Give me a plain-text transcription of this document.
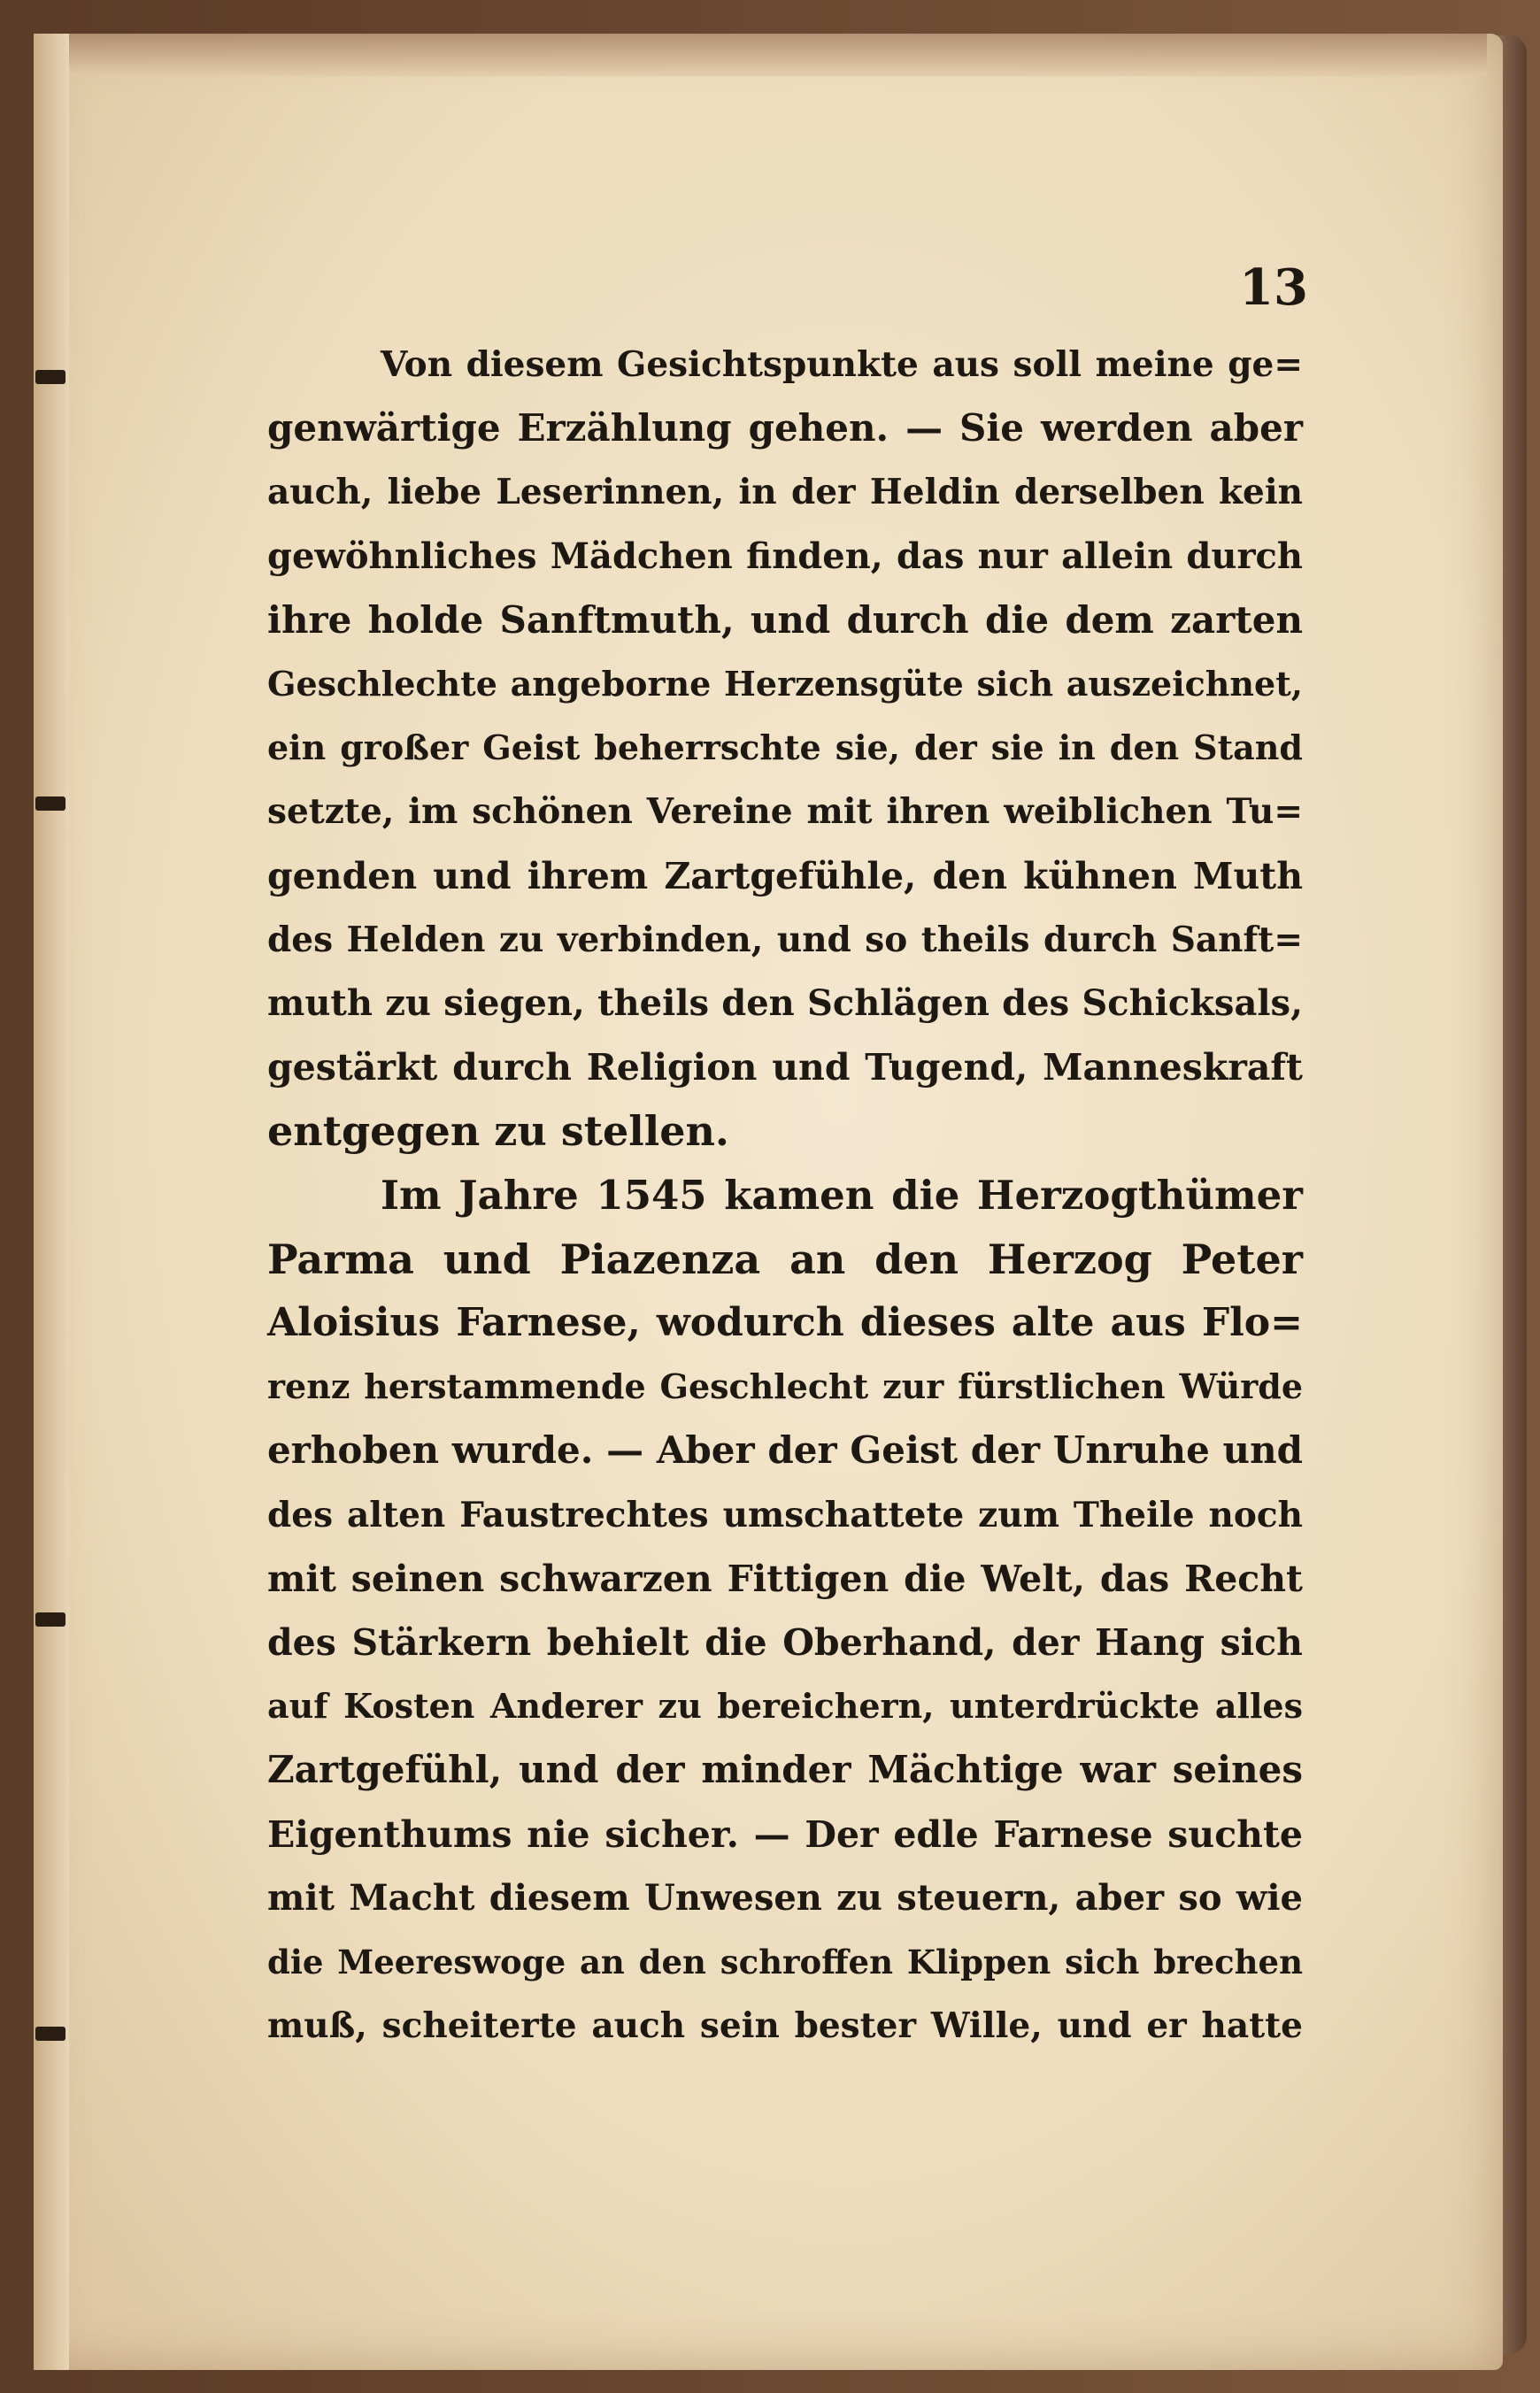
13
Von diesem Gesichtspunkte aus soll meine ge=
genwärtige Erzählung gehen. — Sie werden aber
auch, liebe Leserinnen, in der Heldin derselben kein
gewöhnliches Mädchen finden, das nur allein durch
ihre holde Sanftmuth, und durch die dem zarten
Geschlechte angeborne Herzensgüte sich auszeichnet,
ein großer Geist beherrschte sie, der sie in den Stand
setzte, im schönen Vereine mit ihren weiblichen Tu=
genden und ihrem Zartgefühle, den kühnen Muth
des Helden zu verbinden, und so theils durch Sanft=
muth zu siegen, theils den Schlägen des Schicksals,
gestärkt durch Religion und Tugend, Manneskraft
entgegen zu stellen.
Im Jahre 1545 kamen die Herzogthümer
Parma und Piazenza an den Herzog Peter
Aloisius Farnese, wodurch dieses alte aus Flo=
renz herstammende Geschlecht zur fürstlichen Würde
erhoben wurde. — Aber der Geist der Unruhe und
des alten Faustrechtes umschattete zum Theile noch
mit seinen schwarzen Fittigen die Welt, das Recht
des Stärkern behielt die Oberhand, der Hang sich
auf Kosten Anderer zu bereichern, unterdrückte alles
Zartgefühl, und der minder Mächtige war seines
Eigenthums nie sicher. — Der edle Farnese suchte
mit Macht diesem Unwesen zu steuern, aber so wie
die Meereswoge an den schroffen Klippen sich brechen
muß, scheiterte auch sein bester Wille, und er hatte
